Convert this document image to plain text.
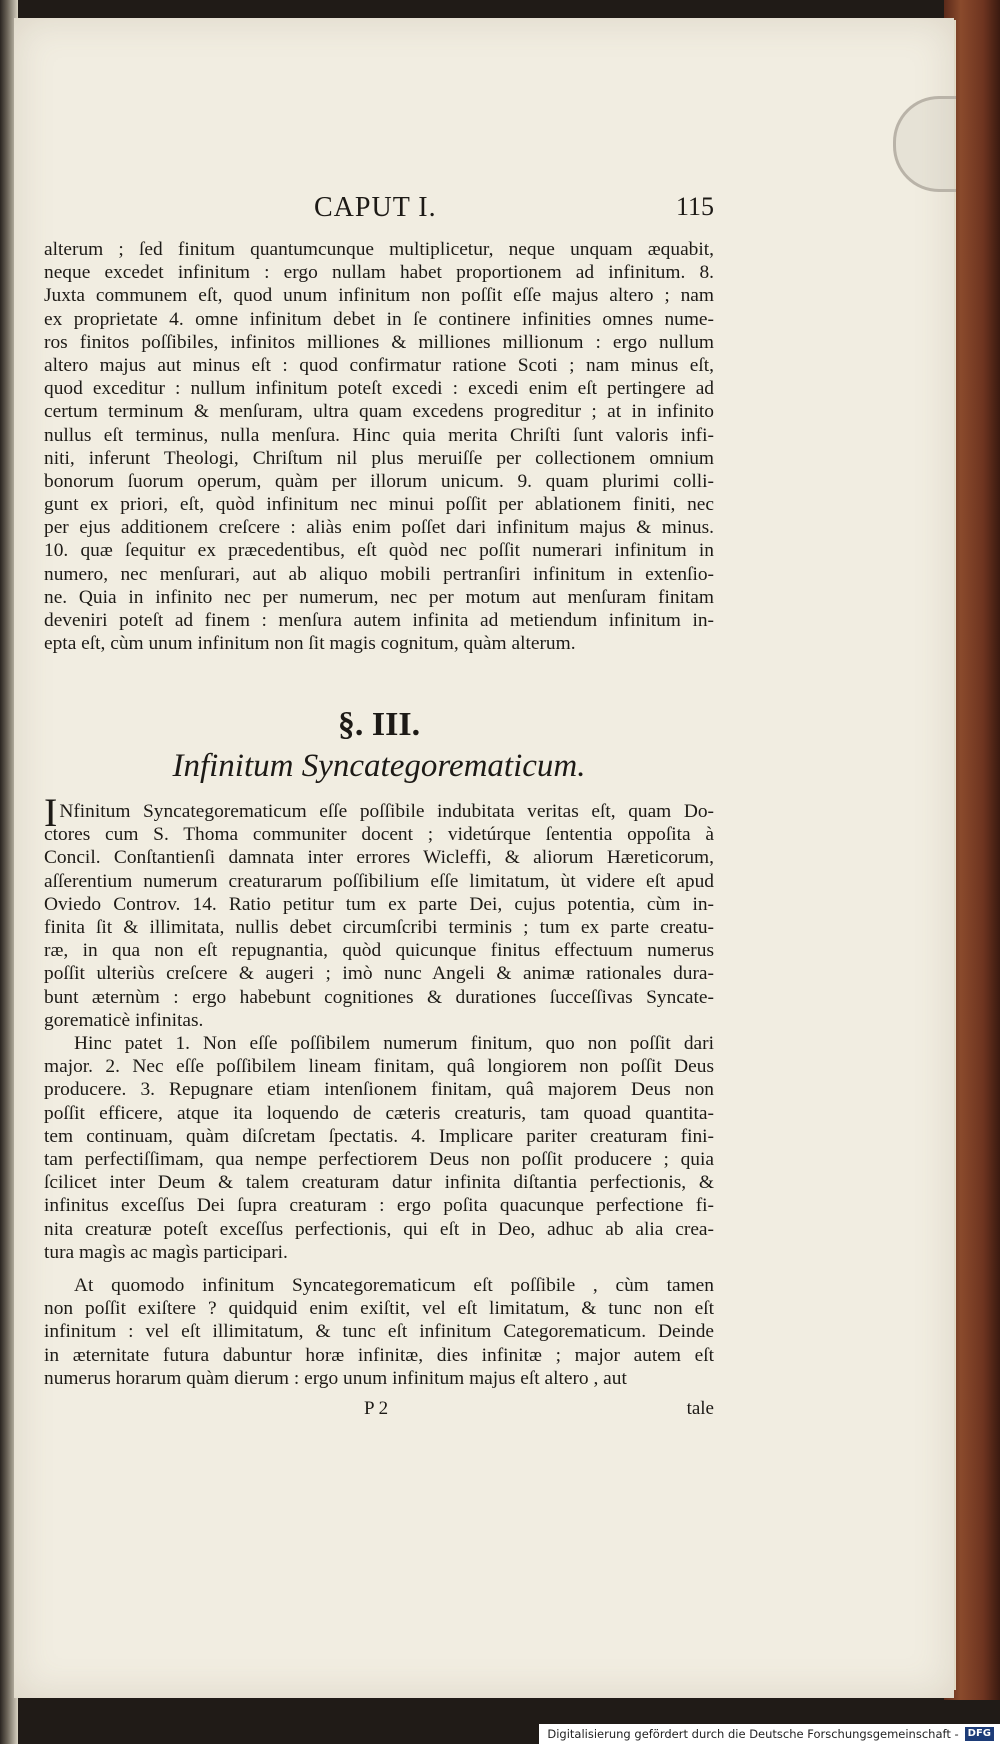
CAPUT I.	115

alterum ; ſed finitum quantumcunque multiplicetur, neque unquam æquabit,
neque excedet infinitum : ergo nullam habet proportionem ad infinitum. 8.
Juxta communem eſt, quod unum infinitum non poſſit eſſe majus altero ; nam
ex proprietate 4. omne infinitum debet in ſe continere infinities omnes nume-
ros finitos poſſibiles, infinitos milliones & milliones millionum : ergo nullum
altero majus aut minus eſt : quod confirmatur ratione Scoti ; nam minus eſt,
quod exceditur : nullum infinitum poteſt excedi : excedi enim eſt pertingere ad
certum terminum & menſuram, ultra quam excedens progreditur ; at in infinito
nullus eſt terminus, nulla menſura. Hinc quia merita Chriſti ſunt valoris infi-
niti, inferunt Theologi, Chriſtum nil plus meruiſſe per collectionem omnium
bonorum ſuorum operum, quàm per illorum unicum. 9. quam plurimi colli-
gunt ex priori, eſt, quòd infinitum nec minui poſſit per ablationem finiti, nec
per ejus additionem creſcere : aliàs enim poſſet dari infinitum majus & minus.
10. quæ ſequitur ex præcedentibus, eſt quòd nec poſſit numerari infinitum in
numero, nec menſurari, aut ab aliquo mobili pertranſiri infinitum in extenſio-
ne. Quia in infinito nec per numerum, nec per motum aut menſuram finitam
deveniri poteſt ad finem : menſura autem infinita ad metiendum infinitum in-
epta eſt, cùm unum infinitum non ſit magis cognitum, quàm alterum.

§. III.
Infinitum Syncategorematicum.

I Nfinitum Syncategorematicum eſſe poſſibile indubitata veritas eſt, quam Do-
ctores cum S. Thoma communiter docent ; videtúrque ſententia oppoſita à
Concil. Conſtantienſi damnata inter errores Wicleffi, & aliorum Hæreticorum,
aſſerentium numerum creaturarum poſſibilium eſſe limitatum, ùt videre eſt apud
Oviedo Controv. 14. Ratio petitur tum ex parte Dei, cujus potentia, cùm in-
finita ſit & illimitata, nullis debet circumſcribi terminis ; tum ex parte creatu-
ræ, in qua non eſt repugnantia, quòd quicunque finitus effectuum numerus
poſſit ulteriùs creſcere & augeri ; imò nunc Angeli & animæ rationales dura-
bunt æternùm : ergo habebunt cognitiones & durationes ſucceſſivas Syncate-
gorematicè infinitas.

Hinc patet 1. Non eſſe poſſibilem numerum finitum, quo non poſſit dari
major. 2. Nec eſſe poſſibilem lineam finitam, quâ longiorem non poſſit Deus
producere. 3. Repugnare etiam intenſionem finitam, quâ majorem Deus non
poſſit efficere, atque ita loquendo de cæteris creaturis, tam quoad quantita-
tem continuam, quàm diſcretam ſpectatis. 4. Implicare pariter creaturam fini-
tam perfectiſſimam, qua nempe perfectiorem Deus non poſſit producere ; quia
ſcilicet inter Deum & talem creaturam datur infinita diſtantia perfectionis, &
infinitus exceſſus Dei ſupra creaturam : ergo poſita quacunque perfectione fi-
nita creaturæ poteſt exceſſus perfectionis, qui eſt in Deo, adhuc ab alia crea-
tura magìs ac magìs participari.

At quomodo infinitum Syncategorematicum eſt poſſibile , cùm tamen
non poſſit exiſtere ? quidquid enim exiſtit, vel eſt limitatum, & tunc non eſt
infinitum : vel eſt illimitatum, & tunc eſt infinitum Categorematicum. Deinde
in æternitate futura dabuntur horæ infinitæ, dies infinitæ ; major autem eſt
numerus horarum quàm dierum : ergo unum infinitum majus eſt altero , aut

P 2	tale
Digitalisierung gefördert durch die Deutsche Forschungsgemeinschaft - DFG
